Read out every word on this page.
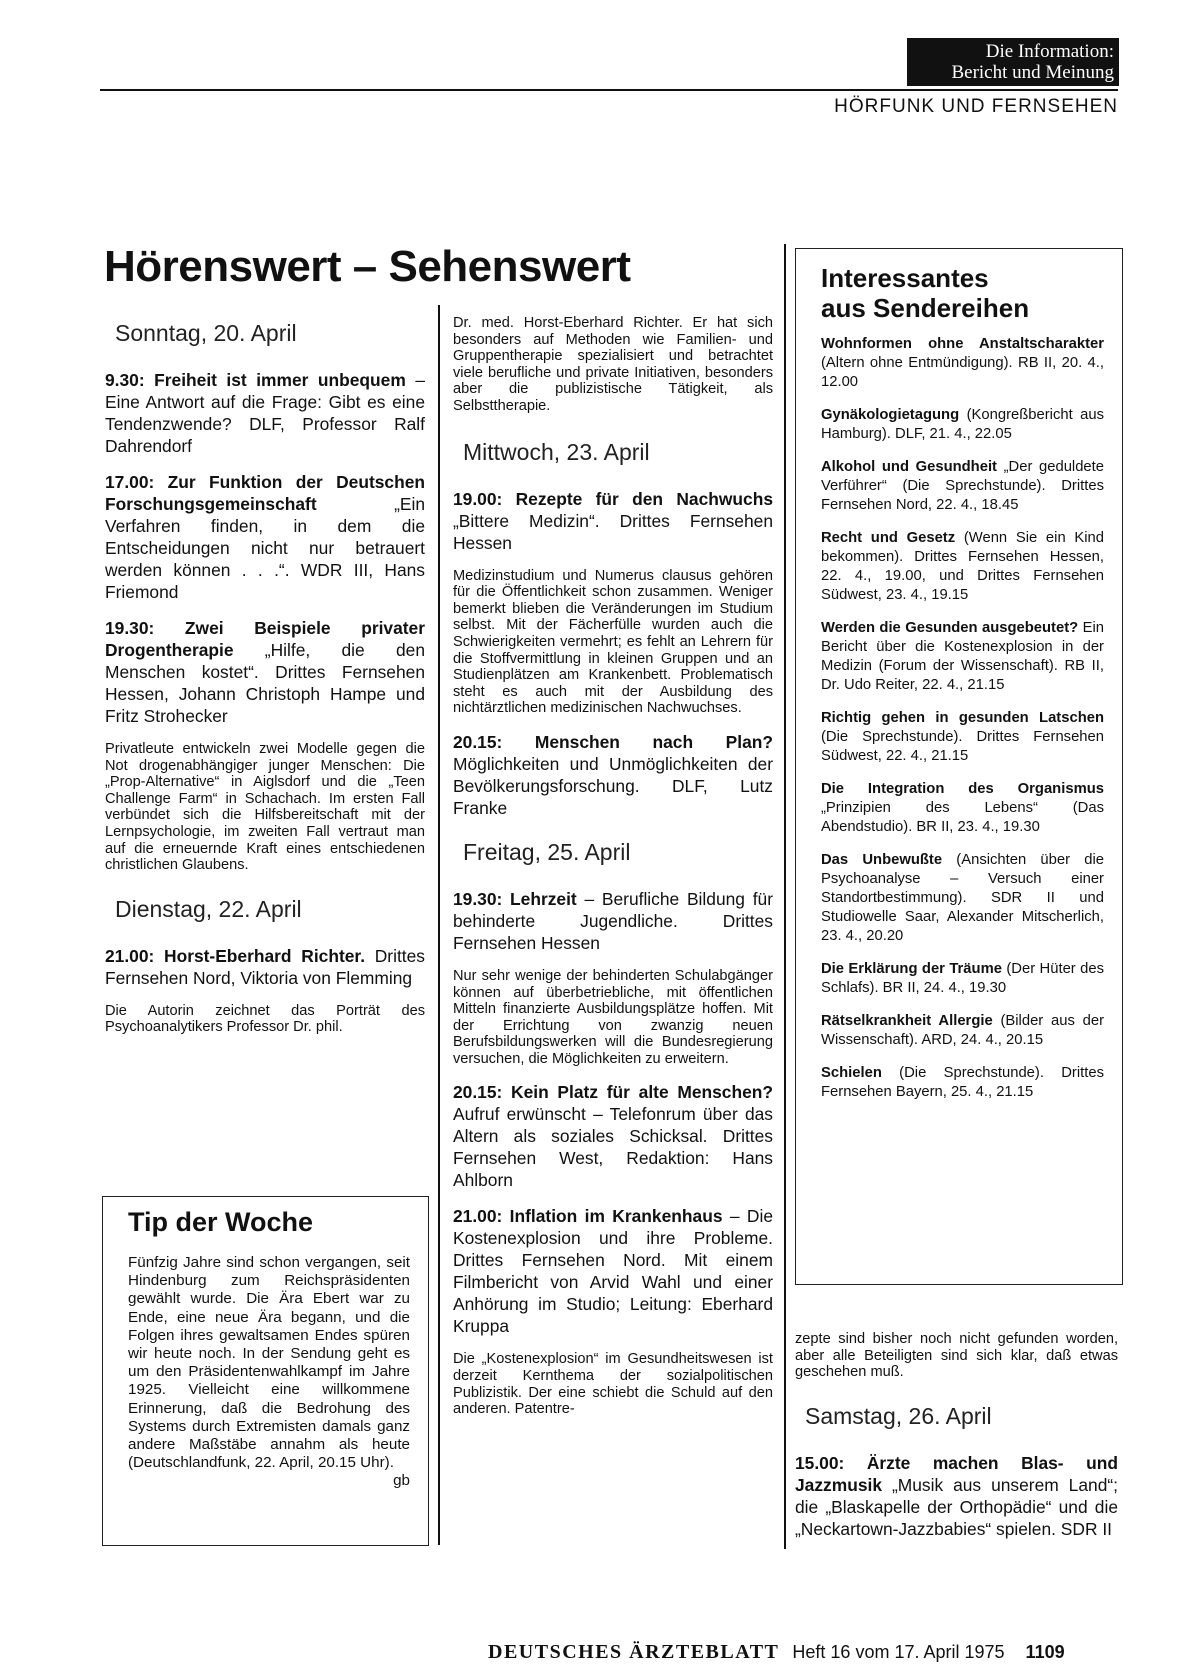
Die Information:
Bericht und Meinung
HÖRFUNK UND FERNSEHEN
Hörenswert – Sehenswert
Sonntag, 20. April

9.30: Freiheit ist immer unbequem – Eine Antwort auf die Frage: Gibt es eine Tendenzwende? DLF, Professor Ralf Dahrendorf

17.00: Zur Funktion der Deutschen Forschungsgemeinschaft „Ein Verfahren finden, in dem die Entscheidungen nicht nur betrauert werden können . . .“. WDR III, Hans Friemond

19.30: Zwei Beispiele privater Drogentherapie „Hilfe, die den Menschen kostet“. Drittes Fernsehen Hessen, Johann Christoph Hampe und Fritz Strohecker

Privatleute entwickeln zwei Modelle gegen die Not drogenabhängiger junger Menschen: Die „Prop-Alternative“ in Aiglsdorf und die „Teen Challenge Farm“ in Schachach. Im ersten Fall verbündet sich die Hilfsbereitschaft mit der Lernpsychologie, im zweiten Fall vertraut man auf die erneuernde Kraft eines entschiedenen christlichen Glaubens.

Dienstag, 22. April

21.00: Horst-Eberhard Richter. Drittes Fernsehen Nord, Viktoria von Flemming

Die Autorin zeichnet das Porträt des Psychoanalytikers Professor Dr. phil.

Tip der Woche

Fünfzig Jahre sind schon vergangen, seit Hindenburg zum Reichspräsidenten gewählt wurde. Die Ära Ebert war zu Ende, eine neue Ära begann, und die Folgen ihres gewaltsamen Endes spüren wir heute noch. In der Sendung geht es um den Präsidentenwahlkampf im Jahre 1925. Vielleicht eine willkommene Erinnerung, daß die Bedrohung des Systems durch Extremisten damals ganz andere Maßstäbe annahm als heute (Deutschlandfunk, 22. April, 20.15 Uhr).
gb

Dr. med. Horst-Eberhard Richter. Er hat sich besonders auf Methoden wie Familien- und Gruppentherapie spezialisiert und betrachtet viele berufliche und private Initiativen, besonders aber die publizistische Tätigkeit, als Selbsttherapie.

Mittwoch, 23. April

19.00: Rezepte für den Nachwuchs „Bittere Medizin“. Drittes Fernsehen Hessen

Medizinstudium und Numerus clausus gehören für die Öffentlichkeit schon zusammen. Weniger bemerkt blieben die Veränderungen im Studium selbst. Mit der Fächerfülle wurden auch die Schwierigkeiten vermehrt; es fehlt an Lehrern für die Stoffvermittlung in kleinen Gruppen und an Studienplätzen am Krankenbett. Problematisch steht es auch mit der Ausbildung des nichtärztlichen medizinischen Nachwuchses.

20.15: Menschen nach Plan? Möglichkeiten und Unmöglichkeiten der Bevölkerungsforschung. DLF, Lutz Franke

Freitag, 25. April

19.30: Lehrzeit – Berufliche Bildung für behinderte Jugendliche. Drittes Fernsehen Hessen

Nur sehr wenige der behinderten Schulabgänger können auf überbetriebliche, mit öffentlichen Mitteln finanzierte Ausbildungsplätze hoffen. Mit der Errichtung von zwanzig neuen Berufsbildungswerken will die Bundesregierung versuchen, die Möglichkeiten zu erweitern.

20.15: Kein Platz für alte Menschen? Aufruf erwünscht – Telefonrum über das Altern als soziales Schicksal. Drittes Fernsehen West, Redaktion: Hans Ahlborn

21.00: Inflation im Krankenhaus – Die Kostenexplosion und ihre Probleme. Drittes Fernsehen Nord. Mit einem Filmbericht von Arvid Wahl und einer Anhörung im Studio; Leitung: Eberhard Kruppa

Die „Kostenexplosion“ im Gesundheitswesen ist derzeit Kernthema der sozialpolitischen Publizistik. Der eine schiebt die Schuld auf den anderen. Patentre-

Interessantes
aus Sendereihen

Wohnformen ohne Anstaltscharakter (Altern ohne Entmündigung). RB II, 20. 4., 12.00

Gynäkologietagung (Kongreßbericht aus Hamburg). DLF, 21. 4., 22.05

Alkohol und Gesundheit „Der geduldete Verführer“ (Die Sprechstunde). Drittes Fernsehen Nord, 22. 4., 18.45

Recht und Gesetz (Wenn Sie ein Kind bekommen). Drittes Fernsehen Hessen, 22. 4., 19.00, und Drittes Fernsehen Südwest, 23. 4., 19.15

Werden die Gesunden ausgebeutet? Ein Bericht über die Kostenexplosion in der Medizin (Forum der Wissenschaft). RB II, Dr. Udo Reiter, 22. 4., 21.15

Richtig gehen in gesunden Latschen (Die Sprechstunde). Drittes Fernsehen Südwest, 22. 4., 21.15

Die Integration des Organismus „Prinzipien des Lebens“ (Das Abendstudio). BR II, 23. 4., 19.30

Das Unbewußte (Ansichten über die Psychoanalyse – Versuch einer Standortbestimmung). SDR II und Studiowelle Saar, Alexander Mitscherlich, 23. 4., 20.20

Die Erklärung der Träume (Der Hüter des Schlafs). BR II, 24. 4., 19.30

Rätselkrankheit Allergie (Bilder aus der Wissenschaft). ARD, 24. 4., 20.15

Schielen (Die Sprechstunde). Drittes Fernsehen Bayern, 25. 4., 21.15

zepte sind bisher noch nicht gefunden worden, aber alle Beteiligten sind sich klar, daß etwas geschehen muß.

Samstag, 26. April

15.00: Ärzte machen Blas- und Jazzmusik „Musik aus unserem Land“; die „Blaskapelle der Orthopädie“ und die „Neckartown-Jazzbabies“ spielen. SDR II

DEUTSCHES ÄRZTEBLATT Heft 16 vom 17. April 1975 1109
